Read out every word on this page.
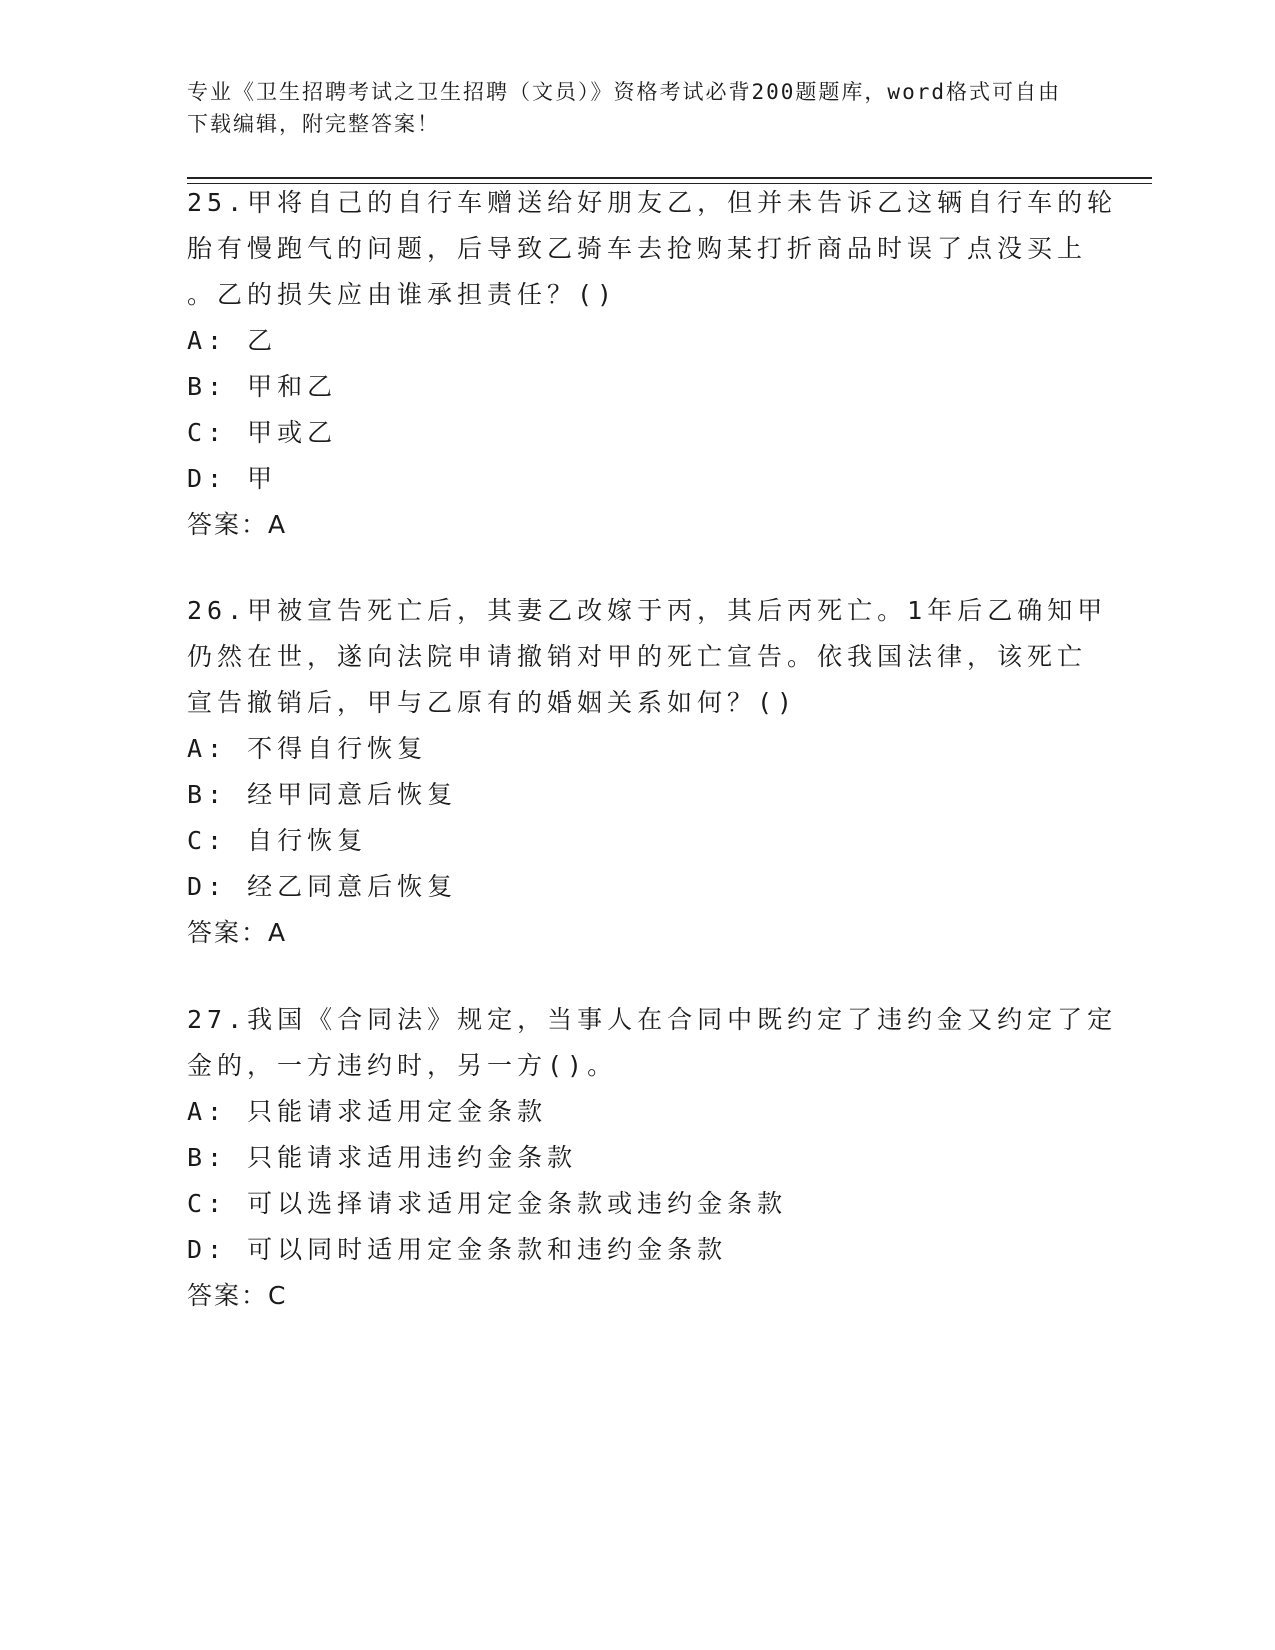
专业《卫生招聘考试之卫生招聘（文员）》资格考试必背200题题库，word格式可自由下载编辑，附完整答案！
25.甲将自己的自行车赠送给好朋友乙，但并未告诉乙这辆自行车的轮
胎有慢跑气的问题，后导致乙骑车去抢购某打折商品时误了点没买上
。乙的损失应由谁承担责任？()
A: 乙
B: 甲和乙
C: 甲或乙
D: 甲
答案：A
26.甲被宣告死亡后，其妻乙改嫁于丙，其后丙死亡。1年后乙确知甲
仍然在世，遂向法院申请撤销对甲的死亡宣告。依我国法律，该死亡
宣告撤销后，甲与乙原有的婚姻关系如何？()
A: 不得自行恢复
B: 经甲同意后恢复
C: 自行恢复
D: 经乙同意后恢复
答案：A
27.我国《合同法》规定，当事人在合同中既约定了违约金又约定了定
金的，一方违约时，另一方()。
A: 只能请求适用定金条款
B: 只能请求适用违约金条款
C: 可以选择请求适用定金条款或违约金条款
D: 可以同时适用定金条款和违约金条款
答案：C
